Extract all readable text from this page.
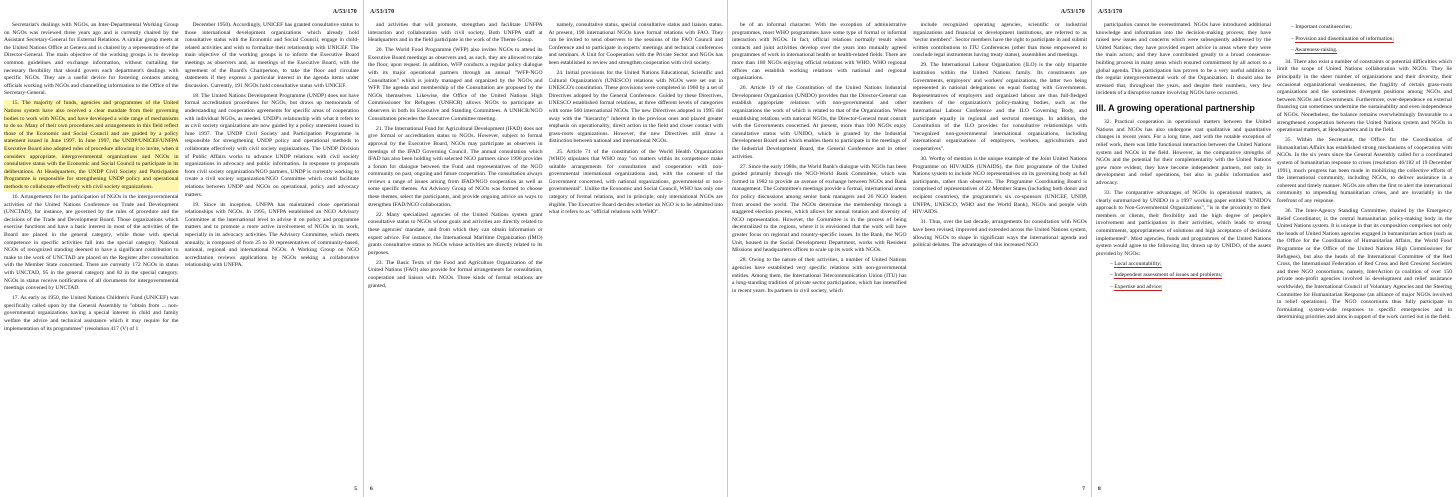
A/53/170

Secretariat's dealings with NGOs, an Inter-Departmental Working Group on NGOs was reviewed three years ago and is currently chaired by the Assistant Secretary-General for External Relations. A similar group meets at the United Nations Office at Geneva and is chaired by a representative of the Director-General. The main objective of the working groups is to develop common guidelines and exchange information, without curtailing the necessary flexibility that should govern each department's dealings with specific NGOs. They are a useful device for fostering contacts among officials working with NGOs and channelling information to the Office of the Secretary-General.

15. The majority of funds, agencies and programmes of the United Nations system have also received a clear mandate from their governing bodies to work with NGOs, and have developed a wide range of mechanisms to do so. Many of their own procedures and arrangements in this field reflect those of the Economic and Social Council and are guided by a policy statement issued in June 1997. In June 1997, the UNDP/UNICEF/UNFPA Executive Board also adopted rules of procedure allowing it to invite, when it considers appropriate, intergovernmental organizations and NGOs in consultative status with the Economic and Social Council to participate in its deliberations. At Headquarters, the UNDP Civil Society and Participation Programme is responsible for strengthening UNDP policy and operational methods to collaborate effectively with civil society organizations.

16. Arrangements for the participation of NGOs in the intergovernmental activities of the United Nations Conference on Trade and Development (UNCTAD), for instance, are governed by the rules of procedure and the decisions of the Trade and Development Board. Those organizations which exercise functions and have a basic interest in most of the activities of the Board are placed in the general category, while those with special competence in specific activities fall into the special category. National NGOs of recognized standing deemed to have a significant contribution to make to the work of UNCTAD are placed on the Register after consultation with the Member State concerned. There are currently 172 NGOs in status with UNCTAD, 95 in the general category and 82 in the special category. NGOs in status receive notifications of all documents for intergovernmental meetings convened by UNCTAD.

17. As early as 1950, the United Nations Children's Fund (UNICEF) was specifically called upon by the General Assembly to "obtain from ... non-governmental organizations having a special interest in child and family welfare the advice and technical assistance which it may require for the implementation of its programmes" (resolution 417 (V) of 1

December 1950). Accordingly, UNICEF has granted consultative status to those international development organizations which already hold consultative status with the Economic and Social Council, engage in child-related activities and wish to formalize their relationship with UNICEF. The main objective of the working groups is to inform the Executive Board meetings as observers and, as meetings of the Executive Board, with the agreement of the Board's Chairperson, to take the floor and circulate statements if they express a particular interest in the agenda items under discussion. Currently, 191 NGOs hold consultative status with UNICEF.

18. The United Nations Development Programme (UNDP) does not have formal accreditation procedures for NGOs, but draws up memoranda of understanding and cooperation agreements for specific areas of cooperation with individual NGOs, as needed. UNDP's relationship with what it refers to as civil society organizations are now guided by a policy statement issued in June 1997. The UNDP Civil Society and Participation Programme is responsible for strengthening UNDP policy and operational methods to collaborate effectively with civil society organizations. The UNDP Division of Public Affairs works to advance UNDP relations with civil society organizations in advocacy and public information. In response to proposals from civil society organization/NGO partners, UNDP is currently working to create a civil society organization/NGO Committee which could facilitate relations between UNDP and NGOs on operational, policy and advocacy matters.

19. Since its inception, UNFPA has maintained close operational relationships with NGOs. In 1995, UNFPA established an NGO Advisory Committee at the international level to advise it on policy and programme matters and to promote a more active involvement of NGOs in its work, especially in its advocacy activities. The Advisory Committee, which meets annually, is composed of from 25 to 30 representatives of community-based, national, regional and international NGOs. A Working Group on NGO accreditation reviews applications by NGOs seeking a collaborative relationship with UNFPA.

5
A/53/170

and activities that will promote, strengthen and facilitate UNFPA interaction and collaboration with civil society. Both UNFPA staff at Headquarters and in the field participate in the work of the Theme Group.

20. The World Food Programme (WFP) also invites NGOs to attend its Executive Board meetings as observers and, as such, they are allowed to take the floor, upon request. In addition, WFP conducts a regular policy dialogue with its major operational partners through an annual "WFP-NGO Consultation" which is jointly managed and organized by the NGOs and WFP. The agenda and membership of the Consultation are proposed by the NGOs themselves. Likewise, the Office of the United Nations High Commissioner for Refugees (UNHCR) allows NGOs to participate as observers in both its Executive and Standing Committees. A UNHCR/NGO Consultation precedes the Executive Committee meeting.

21. The International Fund for Agricultural Development (IFAD) does not give formal or accreditation status to NGOs. However, subject to formal approval by the Executive Board, NGOs may participate as observers in meetings of the IFAD Governing Council. The annual consultation which IFAD has also been holding with selected NGO partners since 1990 provides a forum for dialogue between the Fund and representatives of the NGO community on past, ongoing and future cooperation. The consultation always reviews a range of issues arising from IFAD/NGO cooperation as well as some specific themes. An Advisory Group of NGOs was formed to choose these themes, select the participants, and provide ongoing advice on ways to strengthen IFAD/NGO collaboration.

22. Many specialized agencies of the United Nations system grant consultative status to NGOs whose goals and activities are directly related to these agencies' mandate, and from which they can obtain information or expert advice. For instance, the International Maritime Organization (IMO) grants consultative status to NGOs whose activities are directly related to its purposes.

23. The Basic Texts of the Food and Agriculture Organization of the United Nations (FAO) also provide for formal arrangements for consultation, cooperation and liaison with NGOs. Three kinds of formal relations are granted,

namely, consultative status, special consultative status and liaison status. At present, 190 international NGOs have formal relations with FAO. They can be invited to send observers to the sessions of the FAO Council and Conference and to participate in experts' meetings and technical conferences and seminars. A Unit for Cooperation with the Private Sector and NGOs has been established to review and strengthen cooperation with civil society.

24. Initial provisions for the United Nations Educational, Scientific and Cultural Organization's (UNESCO) relations with NGOs were set out in UNESCO's constitution. These provisions were completed in 1960 by a set of Directives adopted by the General Conference. Guided by these Directives, UNESCO established formal relations, at three different levels of categories with some 560 international NGOs. The new Directives adopted in 1995 did away with the "hierarchy" inherent in the previous ones and placed greater emphasis on operationality, direct action in the field and closer contact with grass-roots organizations. However, the new Directives still draw a distinction between national and international NGOs.

25. Article 71 of the constitution of the World Health Organization (WHO) stipulates that WHO may "on matters within its competence make suitable arrangements for consultation and cooperation with non-governmental international organizations and, with the consent of the Government concerned, with national organizations, governmental or non-governmental". Unlike the Economic and Social Council, WHO has only one category of formal relations, and in principle, only international NGOs are eligible. The Executive Board decides whether an NGO is to be admitted into what it refers to as "official relations with WHO".

6
A/53/170

be of an informal character. With the exception of administrative programmes, most WHO programmes have some type of formal or informal interaction with NGOs. In fact, official relations normally result when contacts and joint activities develop over the years into mutually agreed programmes of work in international health or health-related fields. There are more than 180 NGOs enjoying official relations with WHO. WHO regional offices can establish working relations with national and regional organizations.

26. Article 19 of the Constitution of the United Nations Industrial Development Organization (UNIDO) provides that the Director-General can establish appropriate relations with non-governmental and other organizations the work of which is related to that of the Organization. When establishing relations with national NGOs, the Director-General must consult with the Governments concerned. At present, more than 100 NGOs enjoy consultative status with UNIDO, which is granted by the Industrial Development Board and which enables them to participate in the meetings of the Industrial Development Board, the General Conference and in other activities.

27. Since the early 1980s, the World Bank's dialogue with NGOs has been guided primarily through the NGO-World Bank Committee, which was formed in 1982 to provide an avenue of exchange between NGOs and Bank management. The Committee's meetings provide a formal, international arena for policy discussions among senior bank managers and 26 NGO leaders from around the world. The NGOs determine the membership through a staggered election process, which allows for annual rotation and diversity of NGO representation. However, the Committee is in the process of being decentralized to the regions, where it is envisioned that the work will have greater focus on regional and country-specific issues. In the Bank, the NGO Unit, housed in the Social Development Department, works with Resident Missions and headquarters offices to scale up its work with NGOs.

28. Owing to the nature of their activities, a number of United Nations agencies have established very specific relations with non-governmental entities. Among them, the International Telecommunication Union (ITU) has a long-standing tradition of private sector participation, which has intensified in recent years. Its partners in civil society, which

include recognized operating agencies, scientific or industrial organizations and financial or development institutions, are referred to as "sector members". Sector members have the right to participate in and submit written contributions to ITU Conferences (other than those empowered to conclude legal instruments having treaty status), assemblies and meetings.

29. The International Labour Organization (ILO) is the only tripartite institution within the United Nations family. Its constituents are Governments, employers' and workers' organizations, the latter two being represented in national delegations on equal footing with Governments. Representatives of employers and organized labour are thus full-fledged members of the organization's policy-making bodies, such as the International Labour Conference and the ILO Governing Body, and participate equally in regional and sectoral meetings. In addition, the Constitution of the ILO provides for consultative relationships with "recognized non-governmental international organizations, including international organizations of employers, workers, agriculturists and cooperatives".

30. Worthy of mention is the unique example of the Joint United Nations Programme on HIV/AIDS (UNAIDS), the first programme of the United Nations system to include NGO representatives on its governing body as full participants, rather than observers. The Programme Coordinating Board is comprised of representatives of 22 Member States (including both donor and recipient countries), the programme's six co-sponsors (UNICEF, UNDP, UNFPA, UNESCO, WHO and the World Bank), NGOs and people with HIV/AIDS.

31. Thus, over the last decade, arrangements for consultation with NGOs have been revised, improved and extended across the United Nations system, allowing NGOs to shape in significant ways the international agenda and political debates. The advantages of this increased NGO

7
A/53/170

participation cannot be overestimated. NGOs have introduced additional knowledge and information into the decision-making process; they have raised new issues and concerns which were subsequently addressed by the United Nations; they have provided expert advice in areas where they were the main actors; and they have contributed greatly to a broad consensus-building process in many areas which ensured commitment by all actors to a global agenda. This participation has proven to be a very useful addition to the regular intergovernmental work of the Organization. It should also be stressed that, throughout the years, and despite their numbers, very few incidents of a disruptive nature involving NGOs have occurred.

III. A growing operational partnership

32. Practical cooperation in operational matters between the United Nations and NGOs has also undergone vast qualitative and quantitative changes in recent years. For a long time, and with the notable exception of relief work, there was little functional interaction between the United Nations system and NGOs in the field. However, as the comparative strengths of NGOs and the potential for their complementarity with the United Nations grew more evident, they have become independent partners, not only in development and relief operations, but also in public information and advocacy.

33. The comparative advantages of NGOs in operational matters, as clearly summarized by UNIDO in a 1997 working paper entitled "UNIDO's approach to Non-Governmental Organizations", "is in the proximity to their members or clients, their flexibility and the high degree of people's involvement and participation in their activities, which leads to strong commitments, appropriateness of solutions and high acceptance of decisions implemented". Most agencies, funds and programmes of the United Nations system would agree to the following list, drawn up by UNIDO, of the assets provided by NGOs:

– Local accountability;
– Independent assessment of issues and problems;
– Expertise and advice;
– Important constituencies;
– Provision and dissemination of information;
– Awareness-raising.

34. There also exist a number of constraints or potential difficulties which limit the scope of United Nations collaboration with NGOs. They lie principally in the sheer number of organizations and their diversity, their occasional organizational weaknesses, the fragility of certain grass-roots organizations and the sometimes divergent positions among NGOs and between NGOs and Governments. Furthermore, over-dependence on external financing can sometimes undermine the sustainability and even independence of NGOs. Nonetheless, the balance remains overwhelmingly favourable to a strengthened cooperation between the United Nations system and NGOs in operational matters, at Headquarters and in the field.

35. Within the Secretariat, the Office for the Coordination of Humanitarian Affairs has established strong mechanisms of cooperation with NGOs. In the six years since the General Assembly called for a coordinated system of humanitarian response to crises (resolution 46/182 of 19 December 1991), much progress has been made in mobilizing the collective efforts of the international community, including NGOs, to deliver assistance in a coherent and timely manner. NGOs are often the first to alert the international community to impending humanitarian crises, and are invariably in the forefront of any response.

36. The Inter-Agency Standing Committee, chaired by the Emergency Relief Coordinator, is the central humanitarian policy-making body in the United Nations system. It is unique in that its composition comprises not only the heads of United Nations agencies engaged in humanitarian action (such as the Office for the Coordination of Humanitarian Affairs, the World Food Programme or the Office of the United Nations High Commissioner for Refugees), but also the heads of the International Committee of the Red Cross, the International Federation of Red Cross and Red Crescent Societies and three NGO consortiums, namely, InterAction (a coalition of over 150 private non-profit agencies involved in development and relief assistance worldwide), the International Council of Voluntary Agencies and the Steering Committee for Humanitarian Response (an alliance of major NGOs involved in relief operations). The NGO consortiums thus fully participate in formulating system-wide responses to specific emergencies and in determining priorities and aims in support of the work carried out in the field.

8
